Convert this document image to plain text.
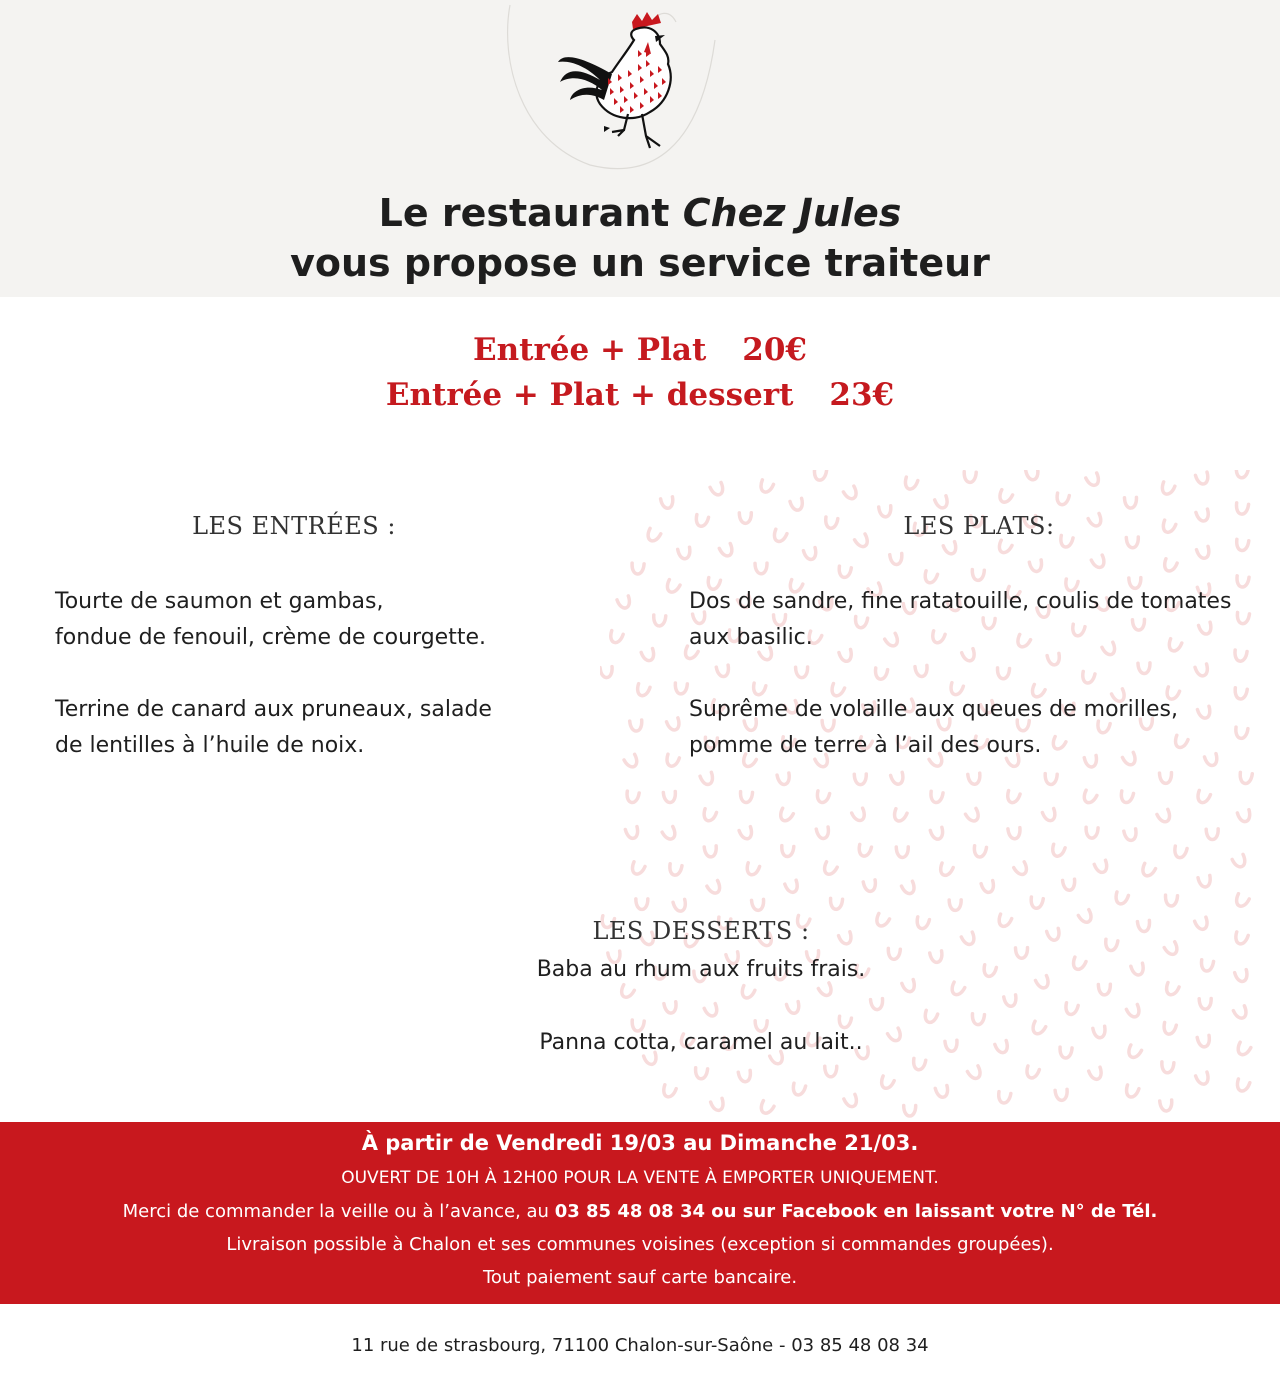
Le restaurant Chez Jules
vous propose un service traiteur
Entrée + Plat 20€
Entrée + Plat + dessert 23€
LES ENTRÉES :

Tourte de saumon et gambas,
fondue de fenouil, crème de courgette.

Terrine de canard aux pruneaux, salade
de lentilles à l’huile de noix.

LES PLATS:

Dos de sandre, fine ratatouille, coulis de tomates
aux basilic.

Suprême de volaille aux queues de morilles,
pomme de terre à l’ail des ours.

LES DESSERTS :

Baba au rhum aux fruits frais.

Panna cotta, caramel au lait..

À partir de Vendredi 19/03 au Dimanche 21/03.
OUVERT DE 10H À 12H00 POUR LA VENTE À EMPORTER UNIQUEMENT.
Merci de commander la veille ou à l’avance, au 03 85 48 08 34 ou sur Facebook en laissant votre N° de Tél.
Livraison possible à Chalon et ses communes voisines (exception si commandes groupées).
Tout paiement sauf carte bancaire.
11 rue de strasbourg, 71100 Chalon-sur-Saône - 03 85 48 08 34
